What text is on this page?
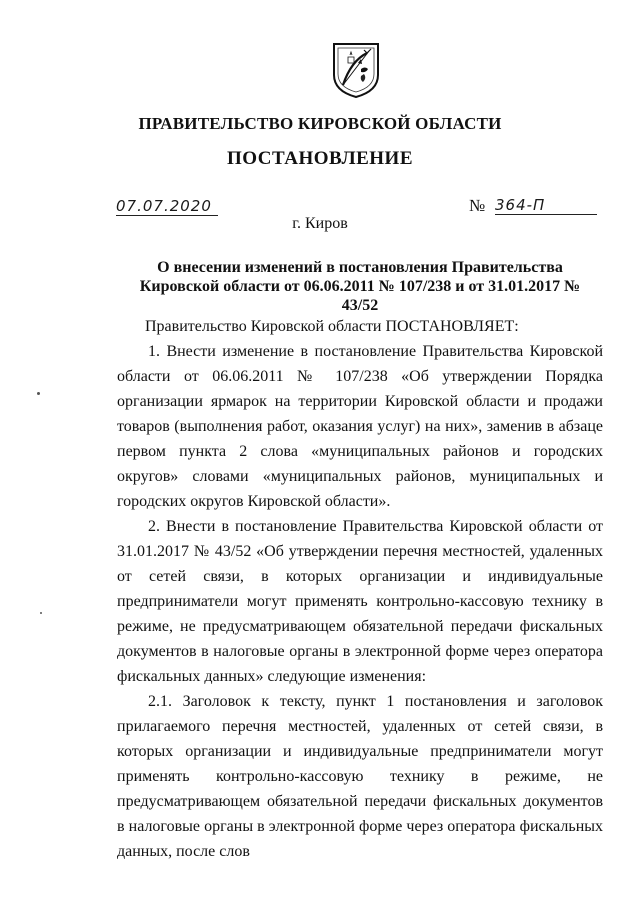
ПРАВИТЕЛЬСТВО КИРОВСКОЙ ОБЛАСТИ
ПОСТАНОВЛЕНИЕ
07.07.2020	№ 364-П
г. Киров
О внесении изменений в постановления Правительства Кировской области от 06.06.2011 № 107/238 и от 31.01.2017 № 43/52

Правительство Кировской области ПОСТАНОВЛЯЕТ:

1. Внести изменение в постановление Правительства Кировской области от 06.06.2011 № 107/238 «Об утверждении Порядка организации ярмарок на территории Кировской области и продажи товаров (выполнения работ, оказания услуг) на них», заменив в абзаце первом пункта 2 слова «муниципальных районов и городских округов» словами «муниципальных районов, муниципальных и городских округов Кировской области».

2. Внести в постановление Правительства Кировской области от 31.01.2017 № 43/52 «Об утверждении перечня местностей, удаленных от сетей связи, в которых организации и индивидуальные предприниматели могут применять контрольно-кассовую технику в режиме, не предусматривающем обязательной передачи фискальных документов в налоговые органы в электронной форме через оператора фискальных данных» следующие изменения:

2.1. Заголовок к тексту, пункт 1 постановления и заголовок прилагаемого перечня местностей, удаленных от сетей связи, в которых организации и индивидуальные предприниматели могут применять контрольно-кассовую технику в режиме, не предусматривающем обязательной передачи фискальных документов в налоговые органы в электронной форме через оператора фискальных данных, после слов
